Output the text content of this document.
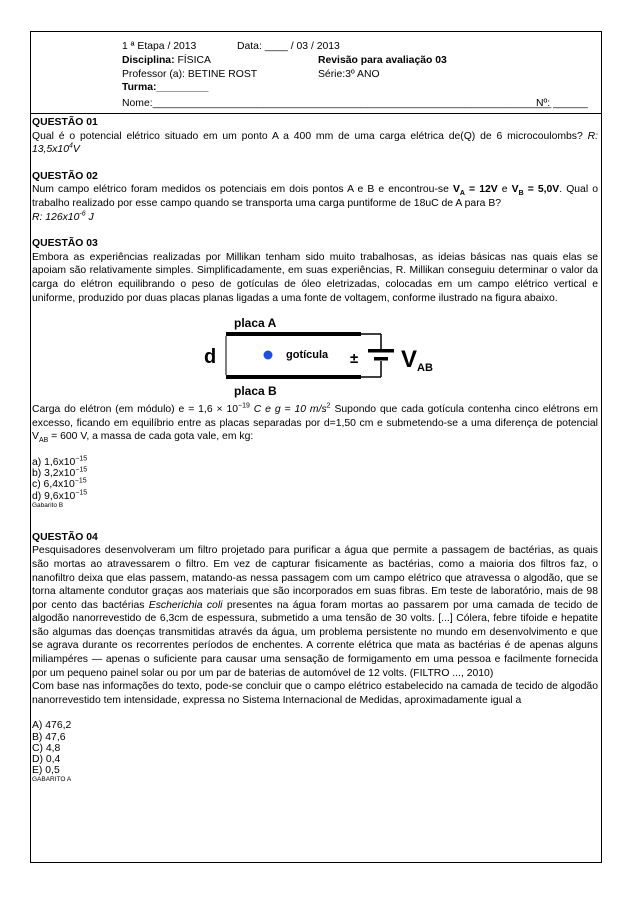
1 ª Etapa / 2013	Data: ____ / 03 / 2013
Disciplina: FÍSICA	Revisão para avaliação 03
Professor (a): BETINE ROST	Série:3º ANO
Turma:_________
Nome:_____________________________________________________________________
Nº: ______

QUESTÃO 01

Qual é o potencial elétrico situado em um ponto A a 400 mm de uma carga elétrica de(Q) de 6 microcoulombs? R: $13,5x10^4V$

QUESTÃO 02

Num campo elétrico foram medidos os potenciais em dois pontos A e B e encontrou-se $V_A = 12V$ e $V_B = 5,0V$. Qual o trabalho realizado por esse campo quando se transporta uma carga puntiforme de 18uC de A para B?

R: $126x10^{-6}$ J

QUESTÃO 03

Embora as experiências realizadas por Millikan tenham sido muito trabalhosas, as ideias básicas nas quais elas se apoiam são relativamente simples. Simplificadamente, em suas experiências, R. Millikan conseguiu determinar o valor da carga do elétron equilibrando o peso de gotículas de óleo eletrizadas, colocadas em um campo elétrico vertical e uniforme, produzido por duas placas planas ligadas a uma fonte de voltagem, conforme ilustrado na figura abaixo.

placa A
placa B
d	gotícula ± VAB

Carga do elétron (em módulo) $e = 1,6 \times 10^{-19}$ C e g = 10 $m/s^2$ Supondo que cada gotícula contenha cinco elétrons em excesso, ficando em equilíbrio entre as placas separadas por d=1,50 cm e submetendo-se a uma diferença de potencial $V_{AB} = 600$ V, a massa de cada gota vale, em kg:

a) $1,6x10^{-15}$

b) $3,2x10^{-15}$

c) $6,4x10^{-15}$

d) $9,6x10^{-15}$

Gabarito B

QUESTÃO 04

Pesquisadores desenvolveram um filtro projetado para purificar a água que permite a passagem de bactérias, as quais são mortas ao atravessarem o filtro. Em vez de capturar fisicamente as bactérias, como a maioria dos filtros faz, o nanofiltro deixa que elas passem, matando-as nessa passagem com um campo elétrico que atravessa o algodão, que se torna altamente condutor graças aos materiais que são incorporados em suas fibras. Em teste de laboratório, mais de 98 por cento das bactérias Escherichia coli presentes na água foram mortas ao passarem por uma camada de tecido de algodão nanorrevestido de 6,3cm de espessura, submetido a uma tensão de 30 volts. [...] Cólera, febre tifoide e hepatite são algumas das doenças transmitidas através da água, um problema persistente no mundo em desenvolvimento e que se agrava durante os recorrentes períodos de enchentes. A corrente elétrica que mata as bactérias é de apenas alguns miliampéres — apenas o suficiente para causar uma sensação de formigamento em uma pessoa e facilmente fornecida por um pequeno painel solar ou por um par de baterias de automóvel de 12 volts. (FILTRO ..., 2010)

Com base nas informações do texto, pode-se concluir que o campo elétrico estabelecido na camada de tecido de algodão nanorrevestido tem intensidade, expressa no Sistema Internacional de Medidas, aproximadamente igual a

A) 476,2

B) 47,6

C) 4,8

D) 0,4

E) 0,5

GABARITO A
